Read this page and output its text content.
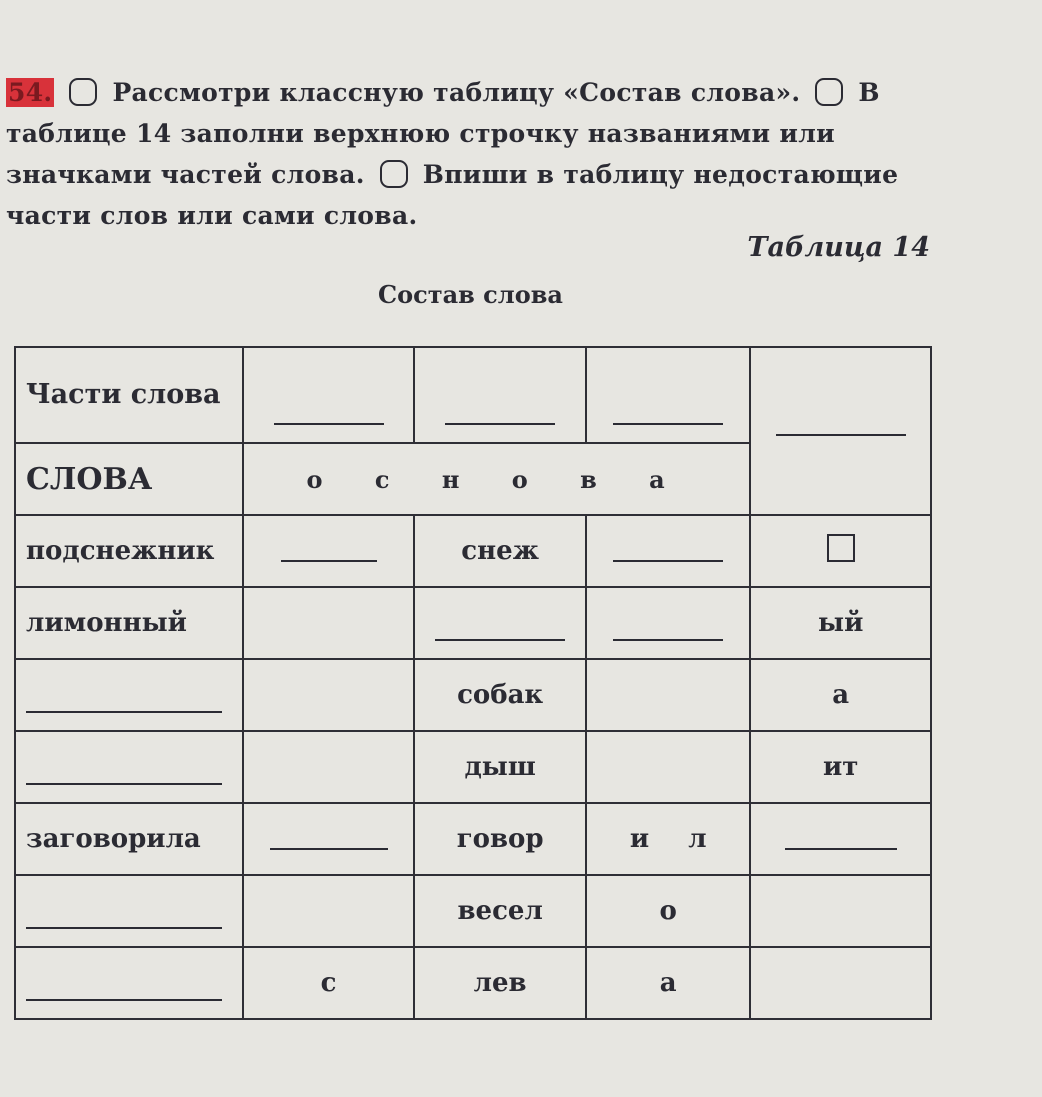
54. Рассмотри классную таблицу «Состав слова». В таблице 14 заполни верхнюю строчку названиями или значками частей слова. Впиши в таблицу недостающие части слов или сами слова.
Таблица 14
Состав слова
Части слова				
СЛОВА	о с н о в а			
подснежник		снеж		
лимонный				ый
		собак		а
		дыш		ит
заговорила		говор	и л	
		весел	о	
	с	лев	а	
